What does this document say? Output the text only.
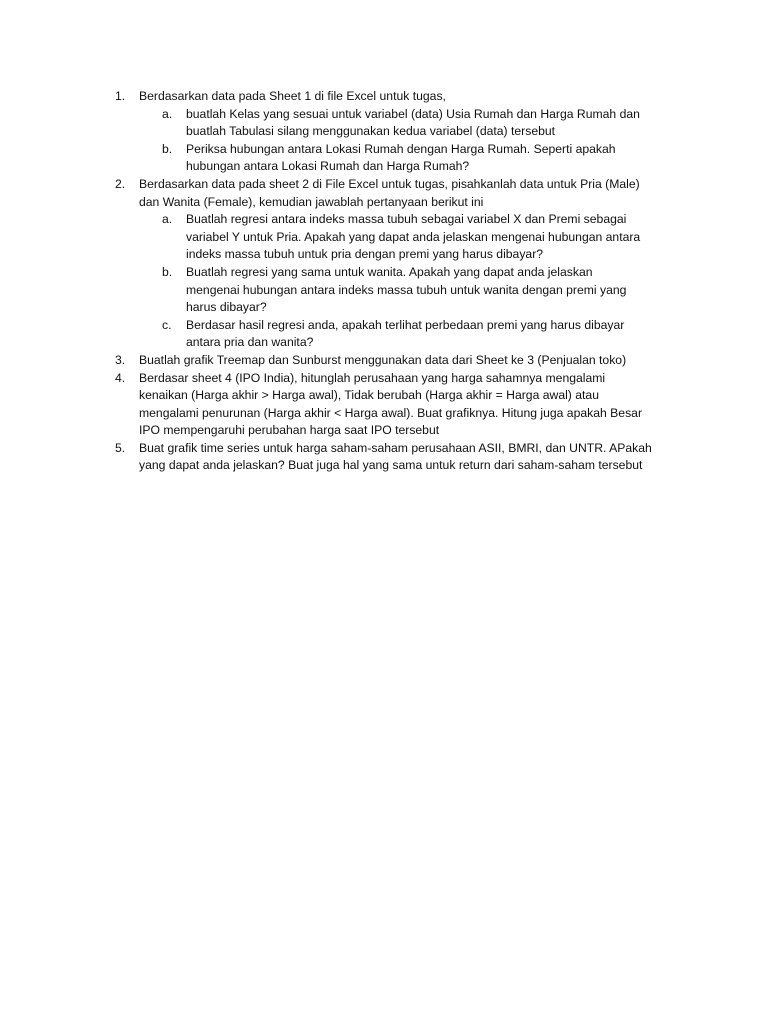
1. Berdasarkan data pada Sheet 1 di file Excel untuk tugas,
a. buatlah Kelas yang sesuai untuk variabel (data) Usia Rumah dan Harga Rumah dan
buatlah Tabulasi silang menggunakan kedua variabel (data) tersebut
b. Periksa hubungan antara Lokasi Rumah dengan Harga Rumah. Seperti apakah
hubungan antara Lokasi Rumah dan Harga Rumah?
2. Berdasarkan data pada sheet 2 di File Excel untuk tugas, pisahkanlah data untuk Pria (Male)
dan Wanita (Female), kemudian jawablah pertanyaan berikut ini
a. Buatlah regresi antara indeks massa tubuh sebagai variabel X dan Premi sebagai
variabel Y untuk Pria. Apakah yang dapat anda jelaskan mengenai hubungan antara
indeks massa tubuh untuk pria dengan premi yang harus dibayar?
b. Buatlah regresi yang sama untuk wanita. Apakah yang dapat anda jelaskan
mengenai hubungan antara indeks massa tubuh untuk wanita dengan premi yang
harus dibayar?
c. Berdasar hasil regresi anda, apakah terlihat perbedaan premi yang harus dibayar
antara pria dan wanita?
3. Buatlah grafik Treemap dan Sunburst menggunakan data dari Sheet ke 3 (Penjualan toko)
4. Berdasar sheet 4 (IPO India), hitunglah perusahaan yang harga sahamnya mengalami
kenaikan (Harga akhir > Harga awal), Tidak berubah (Harga akhir = Harga awal) atau
mengalami penurunan (Harga akhir < Harga awal). Buat grafiknya. Hitung juga apakah Besar
IPO mempengaruhi perubahan harga saat IPO tersebut
5. Buat grafik time series untuk harga saham-saham perusahaan ASII, BMRI, dan UNTR. APakah
yang dapat anda jelaskan? Buat juga hal yang sama untuk return dari saham-saham tersebut
